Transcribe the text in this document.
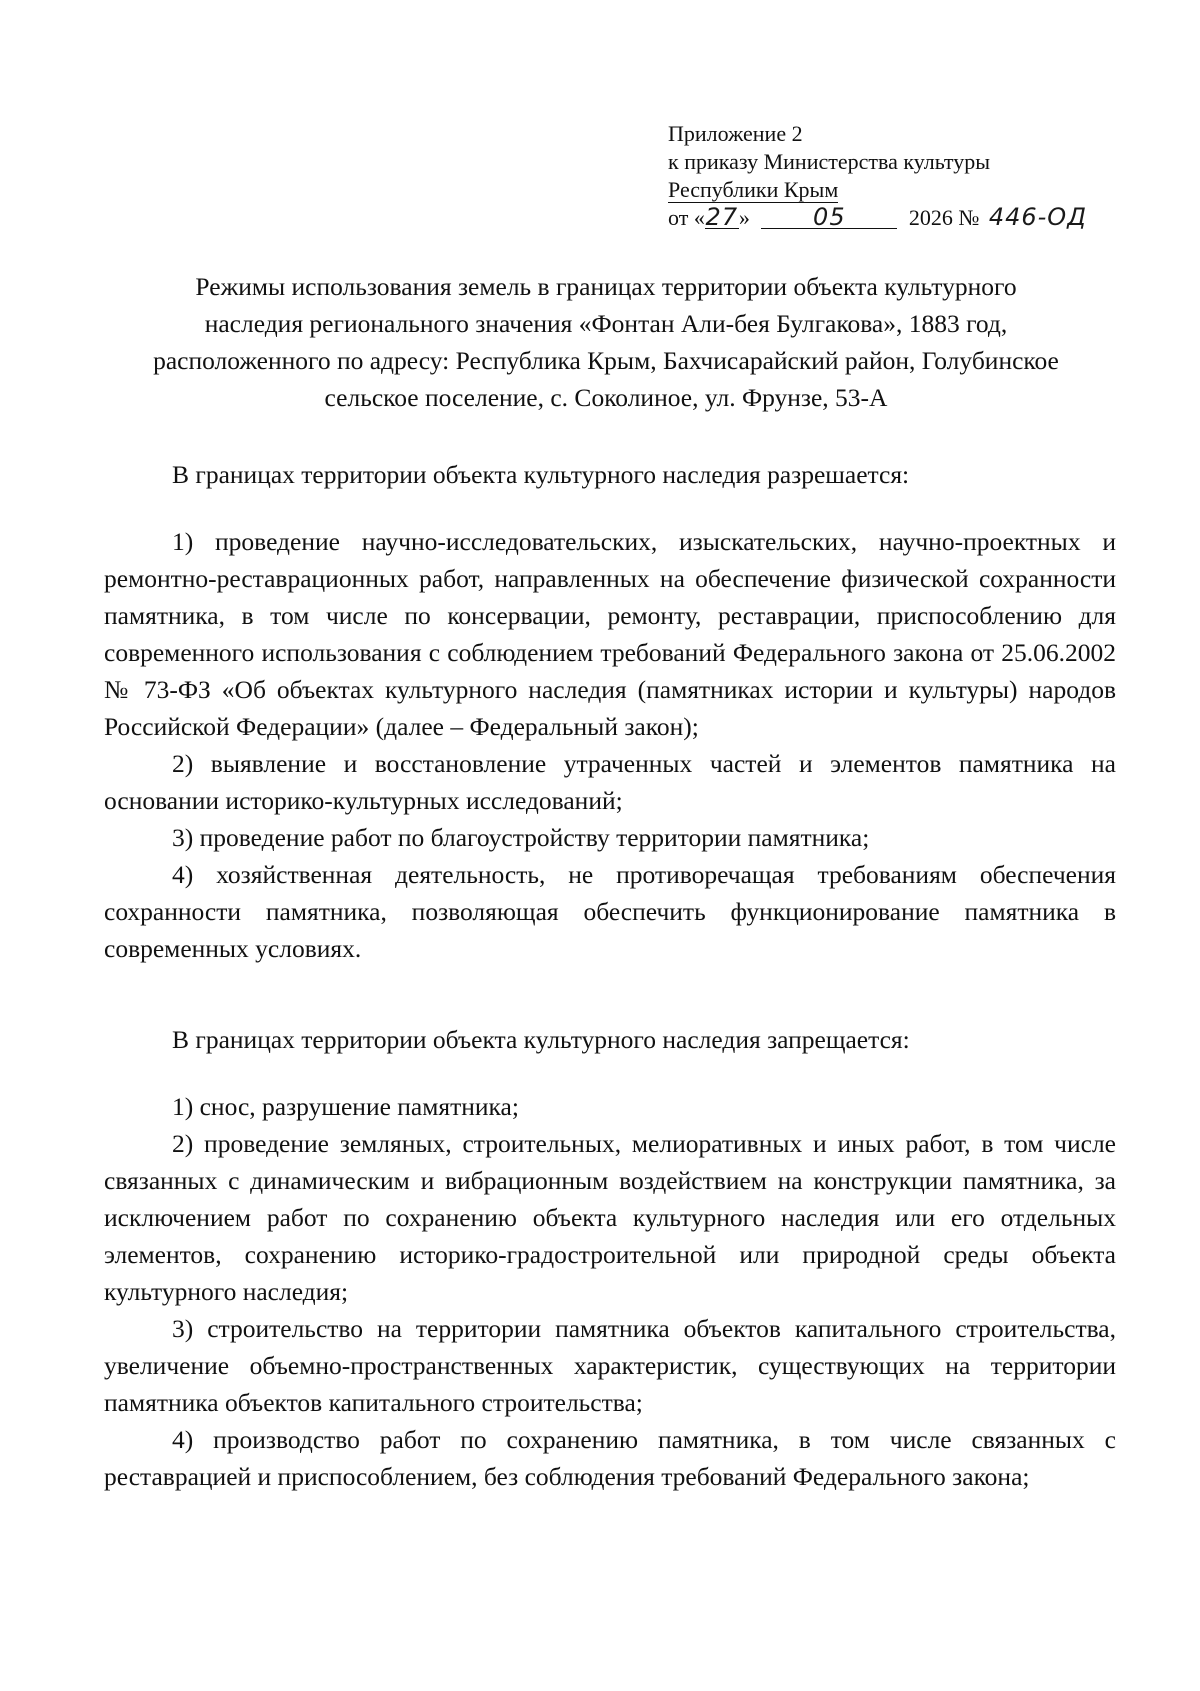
Приложение 2
к приказу Министерства культуры
Республики Крым
от «27»	05	2026 № 446-ОД
Режимы использования земель в границах территории объекта культурного
наследия регионального значения «Фонтан Али-бея Булгакова», 1883 год,
расположенного по адресу: Республика Крым, Бахчисарайский район, Голубинское
сельское поселение, с. Соколиное, ул. Фрунзе, 53-А

В границах территории объекта культурного наследия разрешается:

1) проведение научно-исследовательских, изыскательских, научно-проектных и ремонтно-реставрационных работ, направленных на обеспечение физической сохранности памятника, в том числе по консервации, ремонту, реставрации, приспособлению для современного использования с соблюдением требований Федерального закона от 25.06.2002 № 73-ФЗ «Об объектах культурного наследия (памятниках истории и культуры) народов Российской Федерации» (далее – Федеральный закон);

2) выявление и восстановление утраченных частей и элементов памятника на основании историко-культурных исследований;

3) проведение работ по благоустройству территории памятника;

4) хозяйственная деятельность, не противоречащая требованиям обеспечения сохранности памятника, позволяющая обеспечить функционирование памятника в современных условиях.

В границах территории объекта культурного наследия запрещается:

1) снос, разрушение памятника;

2) проведение земляных, строительных, мелиоративных и иных работ, в том числе связанных с динамическим и вибрационным воздействием на конструкции памятника, за исключением работ по сохранению объекта культурного наследия или его отдельных элементов, сохранению историко-градостроительной или природной среды объекта культурного наследия;

3) строительство на территории памятника объектов капитального строительства, увеличение объемно-пространственных характеристик, существующих на территории памятника объектов капитального строительства;

4) производство работ по сохранению памятника, в том числе связанных с реставрацией и приспособлением, без соблюдения требований Федерального закона;
